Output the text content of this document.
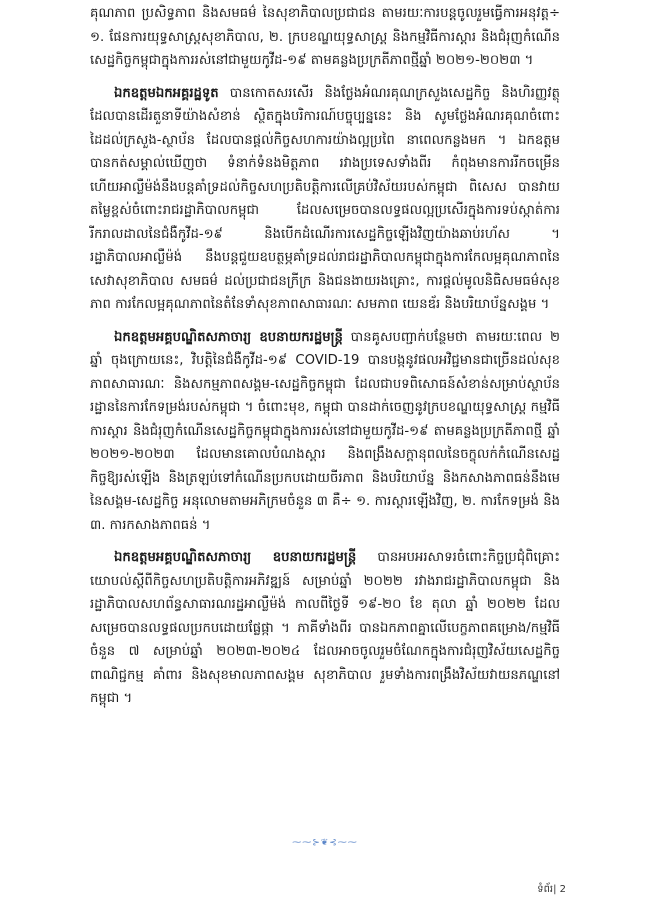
គុណភាព ប្រសិទ្ធភាព និងសមធម៌ នៃសុខាភិបាលប្រជាជន តាមរយៈការបន្តចូលរួមធ្វើការអនុវត្ត÷ ១. ផែនការយុទ្ធសាស្ត្រសុខាភិបាល, ២. ក្របខណ្ឌយុទ្ធសាស្ត្រ និងកម្មវិធីការស្តារ និងជំរុញកំណើនសេដ្ឋកិច្ចកម្ពុជាក្នុងការរស់នៅជាមួយកូវីដ-១៩ តាមគន្លងប្រក្រតីភាពថ្មីឆ្នាំ ២០២១-២០២៣ ។

ឯកឧត្តមឯកអគ្គរដ្ឋទូត បានកោតសរសើរ និងថ្លែងអំណរគុណក្រសួងសេដ្ឋកិច្ច និងហិរញ្ញវត្ថុ ដែលបានដើរតួនាទីយ៉ាងសំខាន់ ស្ថិតក្នុងបរិការណ៍បច្ចុប្បន្ននេះ និង សូមថ្លែងអំណរគុណចំពោះដៃដល់ក្រសួង-ស្ថាប័ន ដែលបានផ្តល់កិច្ចសហការយ៉ាងល្អប្រពៃ នាពេលកន្លងមក ។ ឯកឧត្តម បានកត់សម្គាល់ឃើញថា ទំនាក់ទំនងមិត្តភាព រវាងប្រទេសទាំងពីរ កំពុងមានការរីកចម្រើន ហើយអាល្លឺម៉ង់នឹងបន្តគាំទ្រដល់កិច្ចសហប្រតិបត្តិការលើគ្រប់វិស័យរបស់កម្ពុជា ពិសេស បានវាយតម្លៃខ្ពស់ចំពោះរាជរដ្ឋាភិបាលកម្ពុជា ដែលសម្រេចបានលទ្ធផលល្អប្រសើរក្នុងការទប់ស្កាត់ការរីករាលដាលនៃជំងឺកូវីដ-១៩ និងបើកដំណើរការសេដ្ឋកិច្ចឡើងវិញយ៉ាងឆាប់រហ័ស ។ រដ្ឋាភិបាលអាល្លឺម៉ង់ នឹងបន្តជួយឧបត្ថម្ភគាំទ្រដល់រាជរដ្ឋាភិបាលកម្ពុជាក្នុងការកែលម្អគុណភាពនៃសេវាសុខាភិបាល សមធម៌ ដល់ប្រជាជនក្រីក្រ និងជនងាយរងគ្រោះ, ការផ្តល់មូលនិធិសមធម៌សុខភាព ការកែលម្អគុណភាពនៃតំនែទាំសុខភាពសាធារណៈ សមភាព យេនឌ័រ និងបរិយាប័ន្នសង្គម ។

ឯកឧត្តមអគ្គបណ្ឌិតសភាចារ្យ ឧបនាយករដ្ឋមន្ត្រី បានគូសបញ្ជាក់បន្ថែមថា តាមរយៈពេល ២ ឆ្នាំ ចុងក្រោយនេះ, វិបត្តិនៃជំងឺកូវីដ-១៩ COVID-19 បានបង្កនូវផលអវិជ្ជមានជាច្រើនដល់សុខភាពសាធារណៈ និងសកម្មភាពសង្គម-សេដ្ឋកិច្ចកម្ពុជា ដែលជាបទពិសោធន៍សំខាន់សម្រាប់ស្ថាប័នរដ្ឋាននៃការកែទម្រង់របស់កម្ពុជា ។ ចំពោះមុខ, កម្ពុជា បានដាក់ចេញនូវក្របខណ្ឌយុទ្ធសាស្ត្រ កម្មវិធីការស្តារ និងជំរុញកំណើនសេដ្ឋកិច្ចកម្ពុជាក្នុងការរស់នៅជាមួយកូវីដ-១៩ តាមគន្លងប្រក្រតីភាពថ្មី ឆ្នាំ ២០២១-២០២៣ ដែលមានគោលបំណងស្តារ និងពង្រឹងសក្តានុពលនៃចក្ខុលក់កំណើនសេដ្ឋកិច្ចឱ្យរស់ឡើង និងត្រឡប់ទៅកំណើនប្រកបដោយចីរភាព និងបរិយាប័ន្ន និងកសាងភាពធន់នឹងមេនៃសង្គម-សេដ្ឋកិច្ច អនុលោមតាមអភិក្រមចំនួន ៣ គឺ÷ ១. ការស្តារឡើងវិញ, ២. ការកែទម្រង់ និង ៣. ការកសាងភាពធន់ ។

ឯកឧត្តមអគ្គបណ្ឌិតសភាចារ្យ ឧបនាយករដ្ឋមន្ត្រី បានអបអរសាទរចំពោះកិច្ចប្រជុំពិគ្រោះយោបល់ស្តីពីកិច្ចសហប្រតិបត្តិការអភិវឌ្ឍន៍ សម្រាប់ឆ្នាំ ២០២២ រវាងរាជរដ្ឋាភិបាលកម្ពុជា និងរដ្ឋាភិបាលសហព័ន្ធសាធារណរដ្ឋអាល្លឺម៉ង់ កាលពីថ្ងៃទី ១៩-២០ ខែ តុលា ឆ្នាំ ២០២២ ដែលសម្រេចបានលទ្ធផលប្រកបដោយផ្លែផ្កា ។ ភាគីទាំងពីរ បានឯកភាពគ្នាលើបេក្ខភាពគម្រោង/កម្មវិធីចំនួន ៧ សម្រាប់ឆ្នាំ ២០២៣-២០២៤ ដែលអាចចូលរួមចំណែកក្នុងការជំរុញវិស័យសេដ្ឋកិច្ច ពាណិជ្ជកម្ម គាំពារ និងសុខមាលភាពសង្គម សុខាភិបាល រួមទាំងការពង្រឹងវិស័យវាយនភណ្ឌនៅកម្ពុជា ។

⁓⁓⊱❦⊰⁓⁓
ទំព័រ| 2
